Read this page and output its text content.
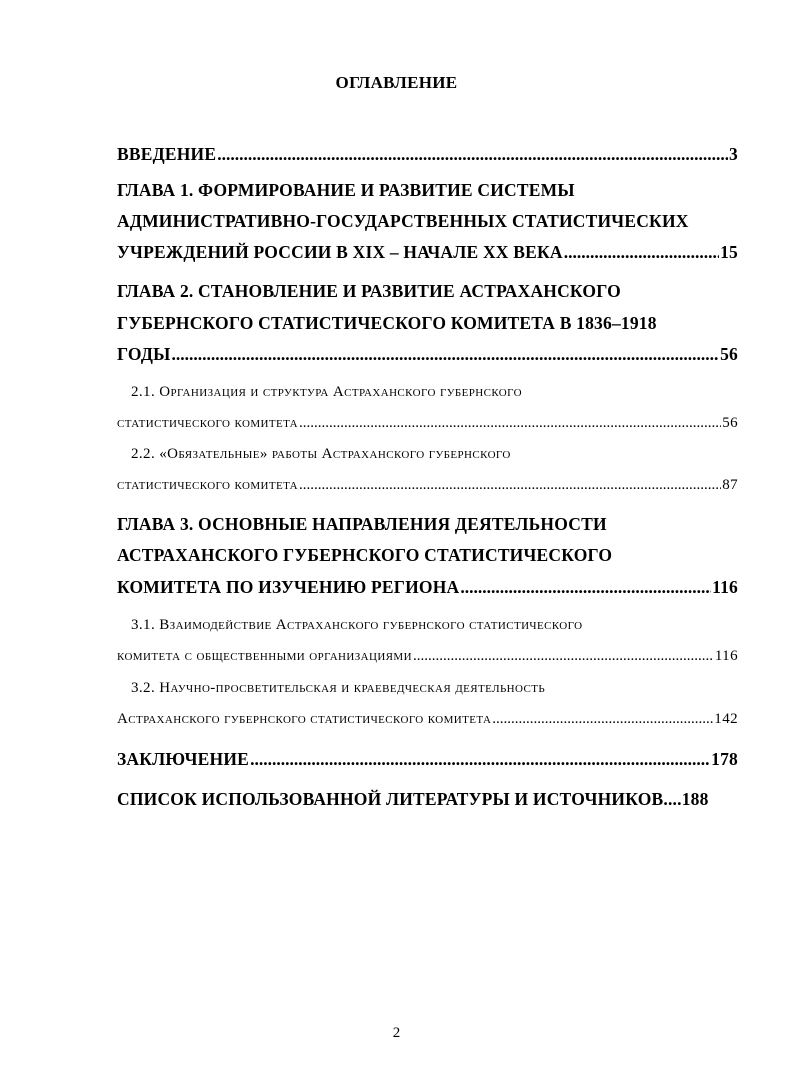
ОГЛАВЛЕНИЕ
ВВЕДЕНИЕ .....	3
ГЛАВА 1. ФОРМИРОВАНИЕ И РАЗВИТИЕ СИСТЕМЫ
АДМИНИСТРАТИВНО-ГОСУДАРСТВЕННЫХ СТАТИСТИЧЕСКИХ
УЧРЕЖДЕНИЙ РОССИИ В XIX – НАЧАЛЕ XX ВЕКА .....	15
ГЛАВА 2. СТАНОВЛЕНИЕ И РАЗВИТИЕ АСТРАХАНСКОГО
ГУБЕРНСКОГО СТАТИСТИЧЕСКОГО КОМИТЕТА В 1836–1918
ГОДЫ .....	56
2.1. Организация и структура Астраханского губернского
статистического комитета .....	56
2.2. «Обязательные» работы Астраханского губернского
статистического комитета .....	87
ГЛАВА 3. ОСНОВНЫЕ НАПРАВЛЕНИЯ ДЕЯТЕЛЬНОСТИ
АСТРАХАНСКОГО ГУБЕРНСКОГО СТАТИСТИЧЕСКОГО
КОМИТЕТА ПО ИЗУЧЕНИЮ РЕГИОНА .....	116
3.1. Взаимодействие Астраханского губернского статистического
комитета с общественными организациями .....	116
3.2. Научно-просветительская и краеведческая деятельность
Астраханского губернского статистического комитета .....	142
ЗАКЛЮЧЕНИЕ .....	178
СПИСОК ИСПОЛЬЗОВАННОЙ ЛИТЕРАТУРЫ И ИСТОЧНИКОВ .... 188
2
